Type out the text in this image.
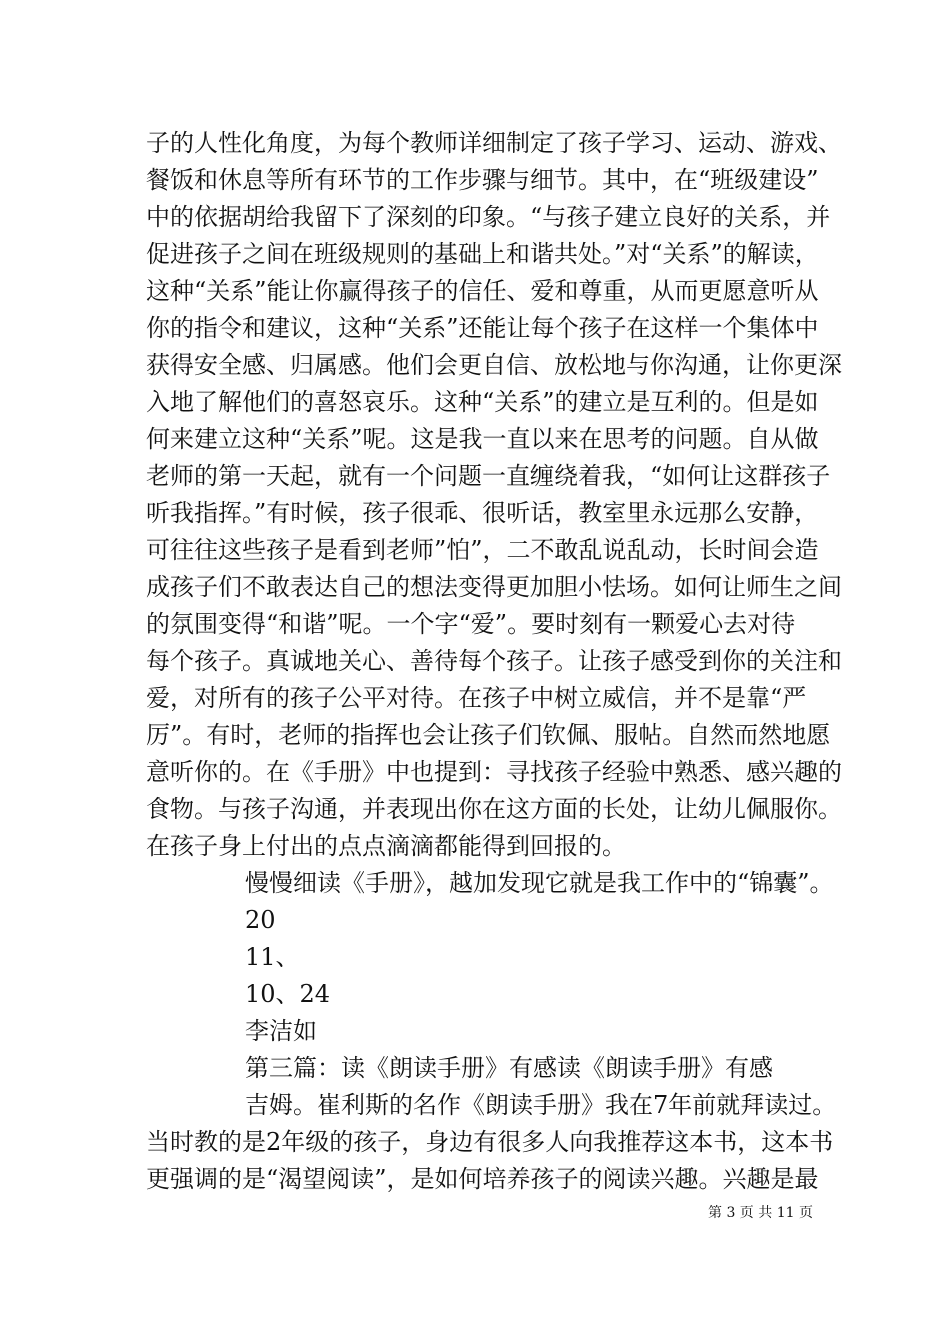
子的人性化角度，为每个教师详细制定了孩子学习、运动、游戏、
餐饭和休息等所有环节的工作步骤与细节。其中，在“班级建设”
中的依据胡给我留下了深刻的印象。“与孩子建立良好的关系，并
促进孩子之间在班级规则的基础上和谐共处。”对“关系”的解读，
这种“关系”能让你赢得孩子的信任、爱和尊重，从而更愿意听从
你的指令和建议，这种“关系”还能让每个孩子在这样一个集体中
获得安全感、归属感。他们会更自信、放松地与你沟通，让你更深
入地了解他们的喜怒哀乐。这种“关系”的建立是互利的。但是如
何来建立这种“关系”呢。这是我一直以来在思考的问题。自从做
老师的第一天起，就有一个问题一直缠绕着我，“如何让这群孩子
听我指挥。”有时候，孩子很乖、很听话，教室里永远那么安静，
可往往这些孩子是看到老师”怕”，二不敢乱说乱动，长时间会造
成孩子们不敢表达自己的想法变得更加胆小怯场。如何让师生之间
的氛围变得“和谐”呢。一个字“爱”。要时刻有一颗爱心去对待
每个孩子。真诚地关心、善待每个孩子。让孩子感受到你的关注和
爱，对所有的孩子公平对待。在孩子中树立威信，并不是靠“严
厉”。有时，老师的指挥也会让孩子们钦佩、服帖。自然而然地愿
意听你的。在《手册》中也提到：寻找孩子经验中熟悉、感兴趣的
食物。与孩子沟通，并表现出你在这方面的长处，让幼儿佩服你。
在孩子身上付出的点点滴滴都能得到回报的。
慢慢细读《手册》，越加发现它就是我工作中的“锦囊”。
20
11、
10、24
李洁如
第三篇：读《朗读手册》有感读《朗读手册》有感
吉姆。崔利斯的名作《朗读手册》我在7年前就拜读过。
当时教的是2年级的孩子，身边有很多人向我推荐这本书，这本书
更强调的是“渴望阅读”，是如何培养孩子的阅读兴趣。兴趣是最
第 3 页 共 11 页
